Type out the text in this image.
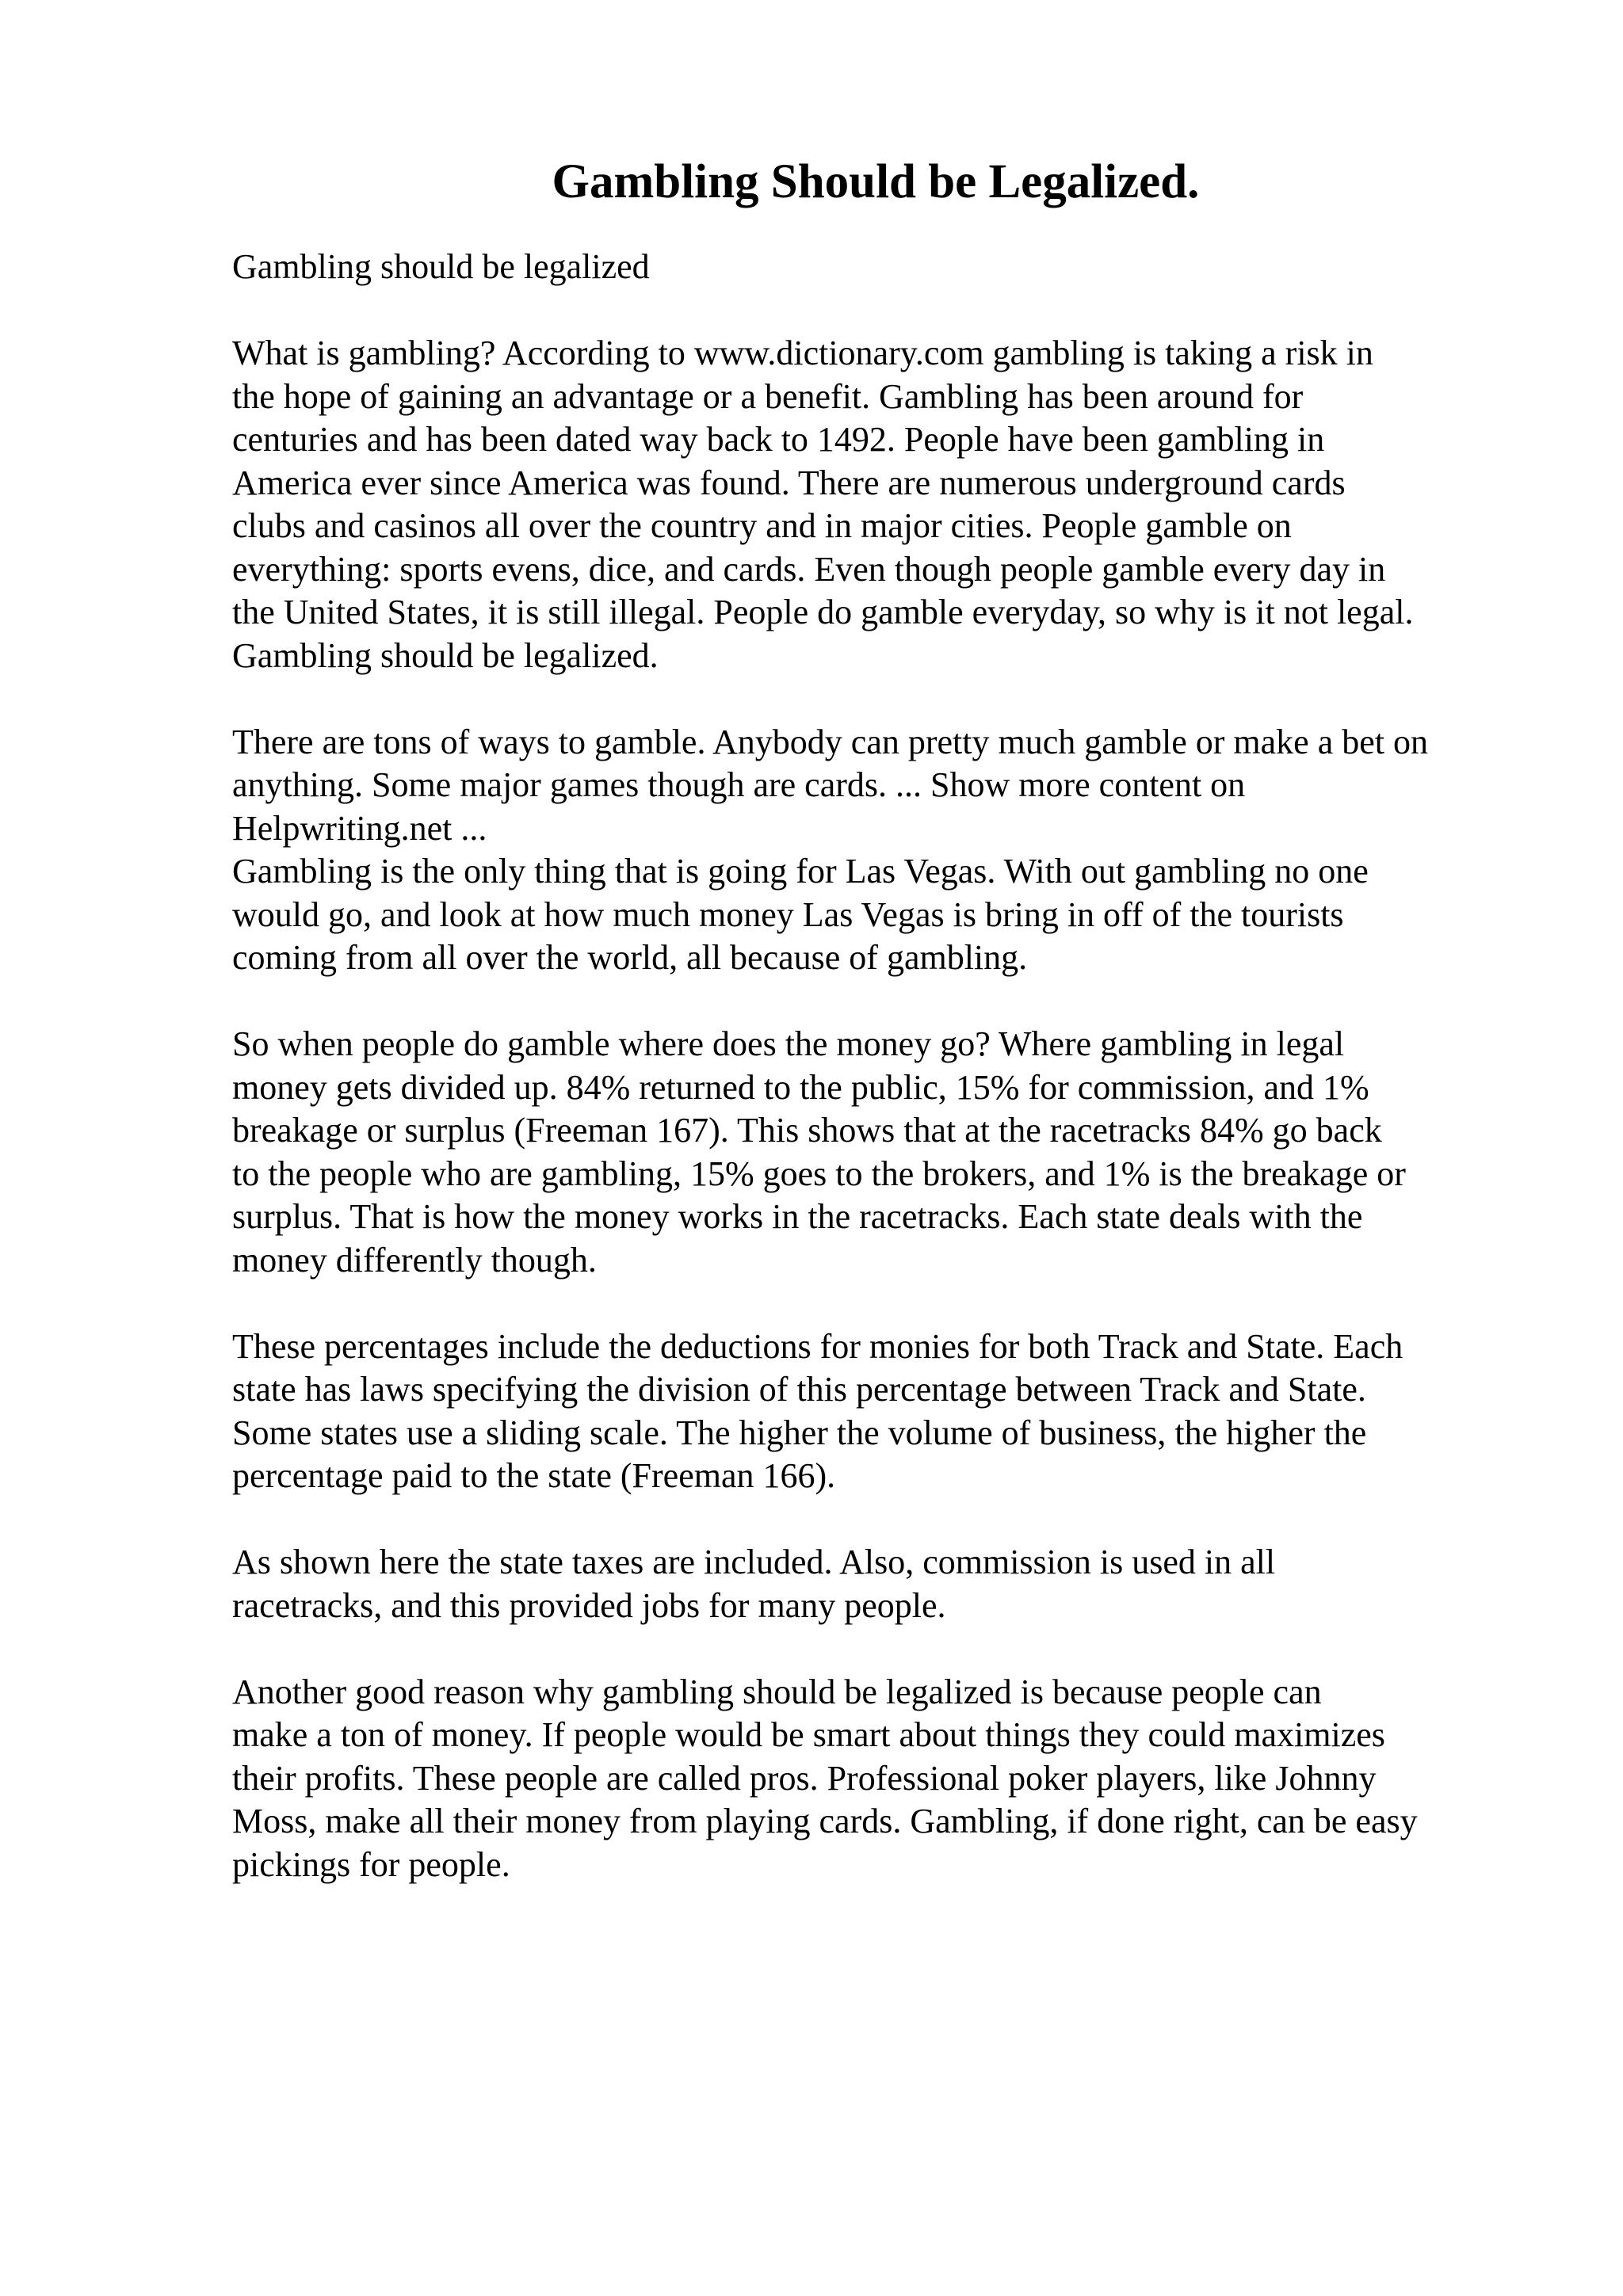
Gambling Should be Legalized.
Gambling should be legalized
What is gambling? According to www.dictionary.com gambling is taking a risk in
the hope of gaining an advantage or a benefit. Gambling has been around for
centuries and has been dated way back to 1492. People have been gambling in
America ever since America was found. There are numerous underground cards
clubs and casinos all over the country and in major cities. People gamble on
everything: sports evens, dice, and cards. Even though people gamble every day in
the United States, it is still illegal. People do gamble everyday, so why is it not legal.
Gambling should be legalized.
There are tons of ways to gamble. Anybody can pretty much gamble or make a bet on
anything. Some major games though are cards. ... Show more content on
Helpwriting.net ...
Gambling is the only thing that is going for Las Vegas. With out gambling no one
would go, and look at how much money Las Vegas is bring in off of the tourists
coming from all over the world, all because of gambling.
So when people do gamble where does the money go? Where gambling in legal
money gets divided up. 84% returned to the public, 15% for commission, and 1%
breakage or surplus (Freeman 167). This shows that at the racetracks 84% go back
to the people who are gambling, 15% goes to the brokers, and 1% is the breakage or
surplus. That is how the money works in the racetracks. Each state deals with the
money differently though.
These percentages include the deductions for monies for both Track and State. Each
state has laws specifying the division of this percentage between Track and State.
Some states use a sliding scale. The higher the volume of business, the higher the
percentage paid to the state (Freeman 166).
As shown here the state taxes are included. Also, commission is used in all
racetracks, and this provided jobs for many people.
Another good reason why gambling should be legalized is because people can
make a ton of money. If people would be smart about things they could maximizes
their profits. These people are called pros. Professional poker players, like Johnny
Moss, make all their money from playing cards. Gambling, if done right, can be easy
pickings for people.
